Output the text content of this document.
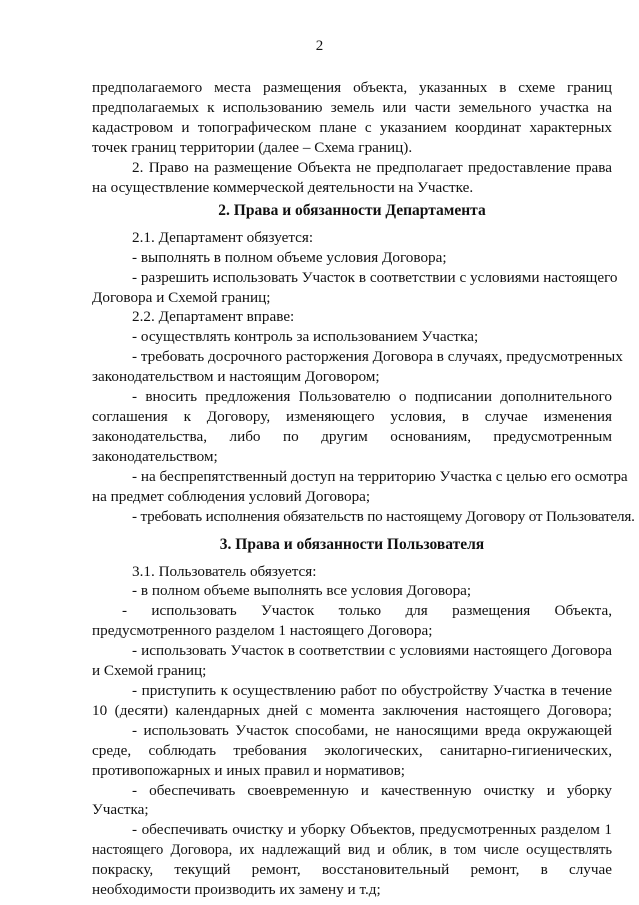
2
предполагаемого места размещения объекта, указанных в схеме границ
предполагаемых к использованию земель или части земельного участка на
кадастровом и топографическом плане с указанием координат характерных
точек границ территории (далее – Схема границ).
2. Право на размещение Объекта не предполагает предоставление права
на осуществление коммерческой деятельности на Участке.
2. Права и обязанности Департамента
2.1. Департамент обязуется:
- выполнять в полном объеме условия Договора;
- разрешить использовать Участок в соответствии с условиями настоящего
Договора и Схемой границ;
2.2. Департамент вправе:
- осуществлять контроль за использованием Участка;
- требовать досрочного расторжения Договора в случаях, предусмотренных
законодательством и настоящим Договором;
- вносить предложения Пользователю о подписании дополнительного
соглашения к Договору, изменяющего условия, в случае изменения
законодательства, либо по другим основаниям, предусмотренным
законодательством;
- на беспрепятственный доступ на территорию Участка с целью его осмотра
на предмет соблюдения условий Договора;
- требовать исполнения обязательств по настоящему Договору от Пользователя.
3. Права и обязанности Пользователя
3.1. Пользователь обязуется:
- в полном объеме выполнять все условия Договора;
- использовать Участок только для размещения Объекта,
предусмотренного разделом 1 настоящего Договора;
- использовать Участок в соответствии с условиями настоящего Договора
и Схемой границ;
- приступить к осуществлению работ по обустройству Участка в течение
10 (десяти) календарных дней с момента заключения настоящего Договора;
- использовать Участок способами, не наносящими вреда окружающей
среде, соблюдать требования экологических, санитарно-гигиенических,
противопожарных и иных правил и нормативов;
- обеспечивать своевременную и качественную очистку и уборку
Участка;
- обеспечивать очистку и уборку Объектов, предусмотренных разделом 1
настоящего Договора, их надлежащий вид и облик, в том числе осуществлять
покраску, текущий ремонт, восстановительный ремонт, в случае
необходимости производить их замену и т.д;
